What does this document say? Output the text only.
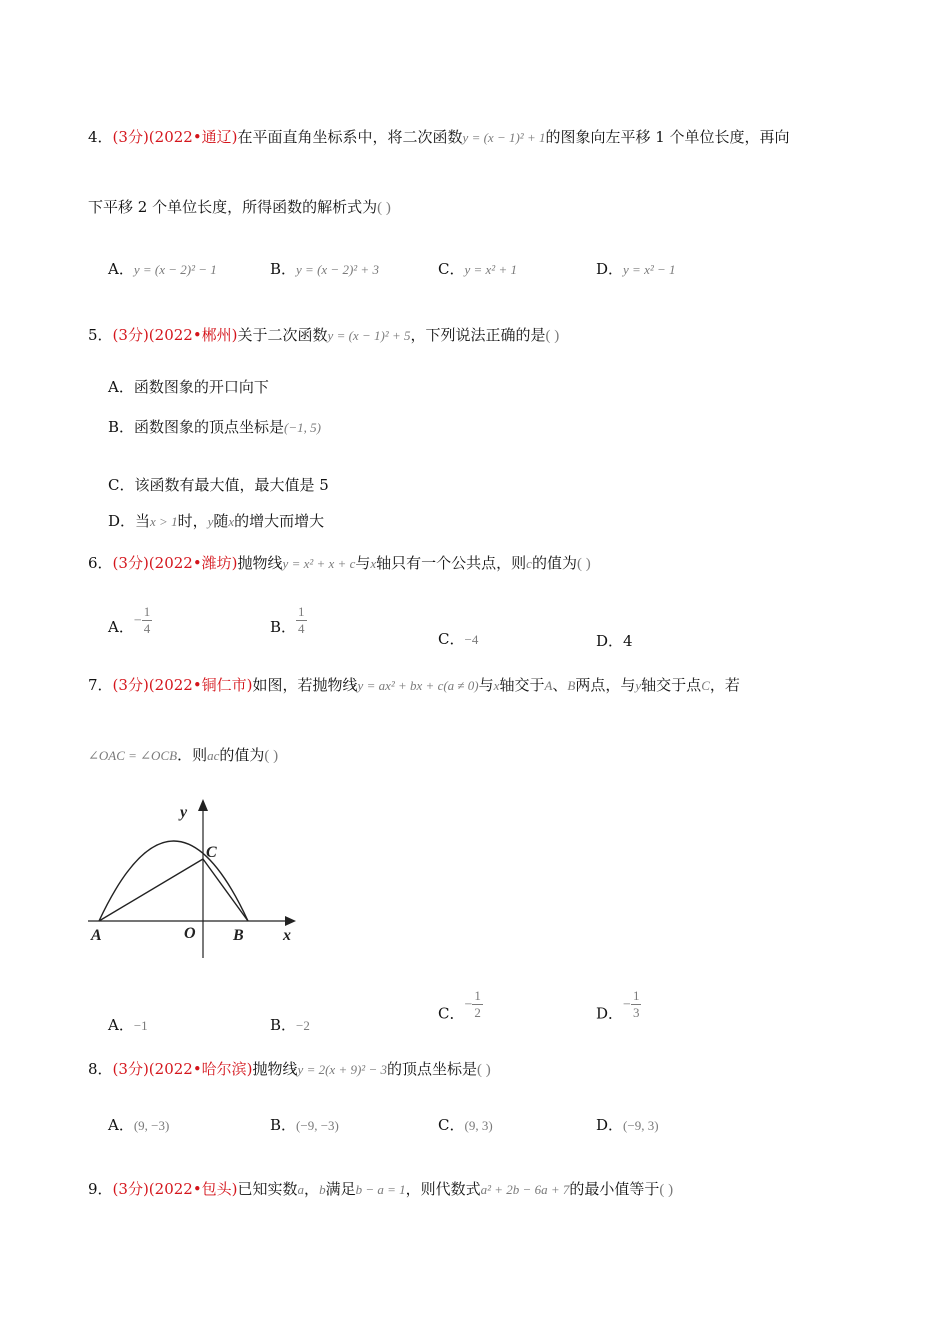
4．(3分)(2022•通辽)在平面直角坐标系中，将二次函数y = (x − 1)² + 1的图象向左平移 1 个单位长度，再向
下平移 2 个单位长度，所得函数的解析式为( )
A．y = (x − 2)² − 1	B．y = (x − 2)² + 3	C．y = x² + 1	D．y = x² − 1
5．(3分)(2022•郴州)关于二次函数y = (x − 1)² + 5，下列说法正确的是( )
A．函数图象的开口向下
B．函数图象的顶点坐标是(−1, 5)
C．该函数有最大值，最大值是 5
D．当x > 1时，y随x的增大而增大
6．(3分)(2022•潍坊)抛物线y = x² + x + c与x轴只有一个公共点，则c的值为( )
A．− $\frac{1}{4}$	B． $\frac{1}{4}$
C．−4	D．4
7．(3分)(2022•铜仁市)如图，若抛物线y = ax² + bx + c(a ≠ 0)与x轴交于A、B两点，与y轴交于点C，若
∠OAC = ∠OCB．则ac的值为( )
y
C
A	O B x
A．−1	B．−2
C．− $\frac{1}{2}$	D．− $\frac{1}{3}$
8．(3分)(2022•哈尔滨)抛物线y = 2(x + 9)² − 3的顶点坐标是( )
A．(9, −3)	B．(−9, −3)	C．(9, 3)	D．(−9, 3)
9．(3分)(2022•包头)已知实数a，b满足b − a = 1，则代数式a² + 2b − 6a + 7的最小值等于( )
